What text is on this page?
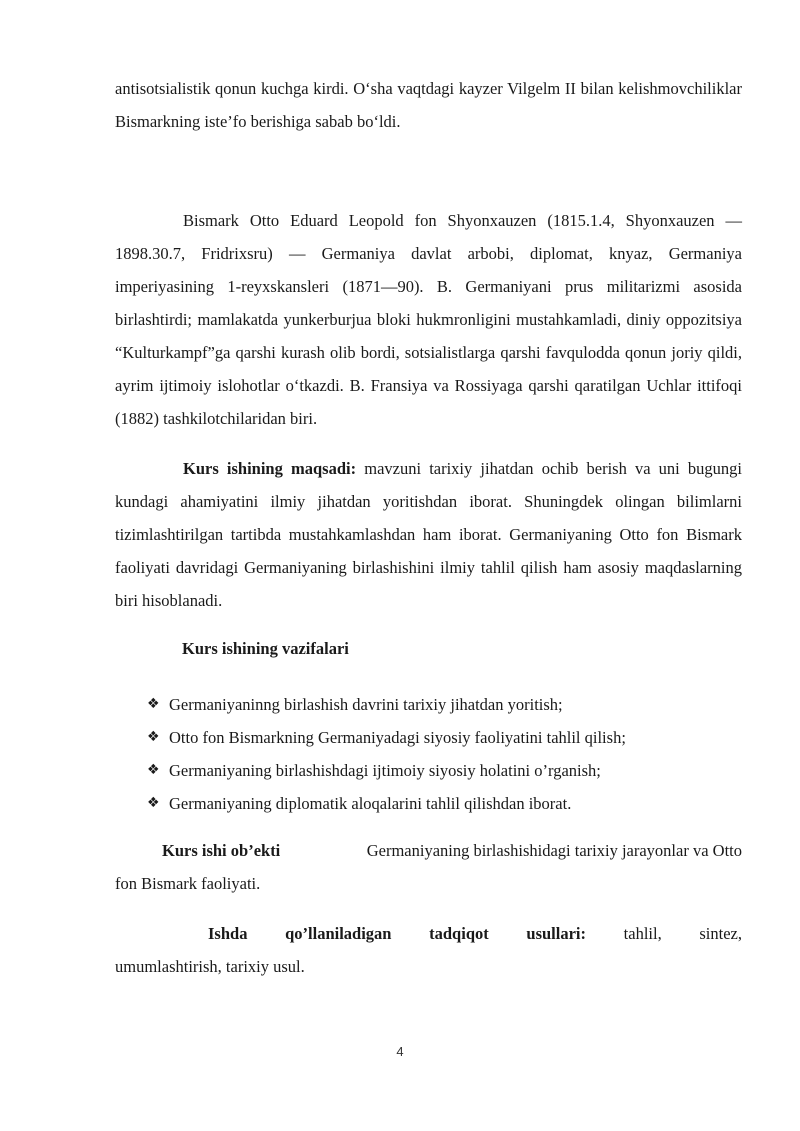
antisotsialistik qonun kuchga kirdi. O‘sha vaqtdagi kayzer Vilgelm II bilan kelishmovchiliklar Bismarkning iste’fo berishiga sabab bo‘ldi.

Bismark Otto Eduard Leopold fon Shyonxauzen (1815.1.4, Shyonxauzen —1898.30.7, Fridrixsru) — Germaniya davlat arbobi, diplomat, knyaz, Germaniya imperiyasining 1-reyxskansleri (1871—90). B. Germaniyani prus militarizmi asosida birlashtirdi; mamlakatda yunkerburjua bloki hukmronligini mustahkamladi, diniy oppozitsiya “Kulturkampf”ga qarshi kurash olib bordi, sotsialistlarga qarshi favqulodda qonun joriy qildi, ayrim ijtimoiy islohotlar o‘tkazdi. B. Fransiya va Rossiyaga qarshi qaratilgan Uchlar ittifoqi (1882) tashkilotchilaridan biri.

Kurs ishining maqsadi: mavzuni tarixiy jihatdan ochib berish va uni bugungi kundagi ahamiyatini ilmiy jihatdan yoritishdan iborat. Shuningdek olingan bilimlarni tizimlashtirilgan tartibda mustahkamlashdan ham iborat. Germaniyaning Otto fon Bismark faoliyati davridagi Germaniyaning birlashishini ilmiy tahlil qilish ham asosiy maqdaslarning biri hisoblanadi.

Kurs ishining vazifalari

❖ Germaniyaninng birlashish davrini tarixiy jihatdan yoritish;
❖ Otto fon Bismarkning Germaniyadagi siyosiy faoliyatini tahlil qilish;
❖ Germaniyaning birlashishdagi ijtimoiy siyosiy holatini o’rganish;
❖ Germaniyaning diplomatik aloqalarini tahlil qilishdan iborat.
Kurs ishi ob’ekti	Germaniyaning birlashishidagi tarixiy jarayonlar va Otto
fon Bismark faoliyati.
Ishda qo’llaniladigan tadqiqot usullari: tahlil, sintez,
umumlashtirish, tarixiy usul.
4
